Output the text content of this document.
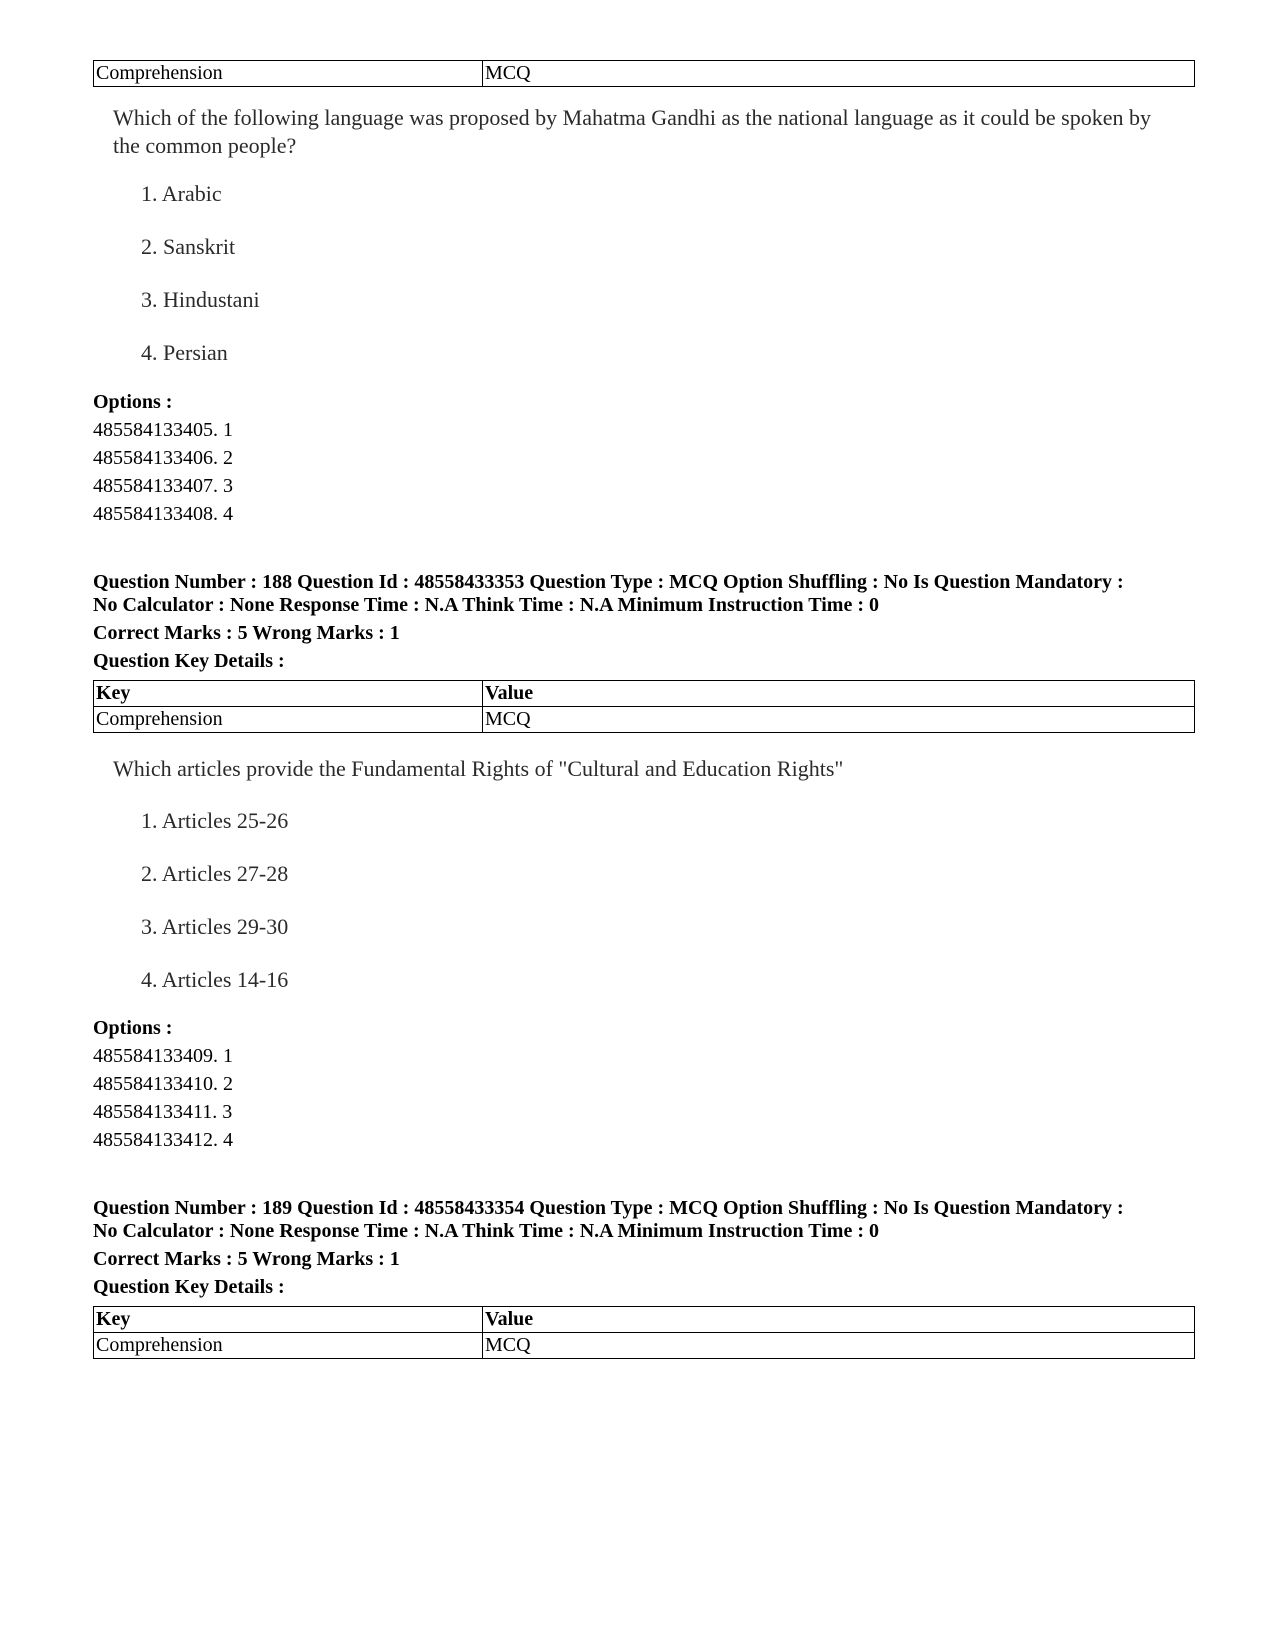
Comprehension	MCQ
Which of the following language was proposed by Mahatma Gandhi as the national language as it could be spoken by the common people?
1. Arabic
2. Sanskrit
3. Hindustani
4. Persian
Options :
485584133405. 1
485584133406. 2
485584133407. 3
485584133408. 4
Question Number : 188 Question Id : 48558433353 Question Type : MCQ Option Shuffling : No Is Question Mandatory :
No Calculator : None Response Time : N.A Think Time : N.A Minimum Instruction Time : 0
Correct Marks : 5 Wrong Marks : 1
Question Key Details :
Key	Value
Comprehension	MCQ
Which articles provide the Fundamental Rights of "Cultural and Education Rights"
1. Articles 25-26
2. Articles 27-28
3. Articles 29-30
4. Articles 14-16
Options :
485584133409. 1
485584133410. 2
485584133411. 3
485584133412. 4
Question Number : 189 Question Id : 48558433354 Question Type : MCQ Option Shuffling : No Is Question Mandatory :
No Calculator : None Response Time : N.A Think Time : N.A Minimum Instruction Time : 0
Correct Marks : 5 Wrong Marks : 1
Question Key Details :
Key	Value
Comprehension	MCQ
